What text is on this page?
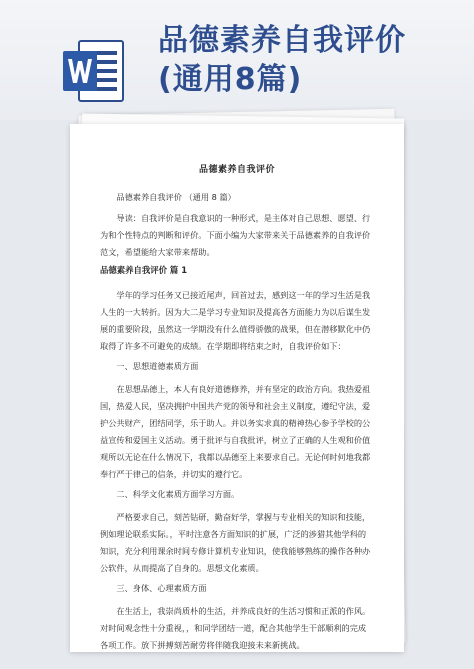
品德素养自我评价
(通用8篇)
品德素养自我评价
品德素养自我评价 （通用 8 篇）
导读：自我评价是自我意识的一种形式，是主体对自己思想、愿望、行为和个性特点的判断和评价。下面小编为大家带来关于品德素养的自我评价范文，希望能给大家带来帮助。
品德素养自我评价 篇 1
学年的学习任务又已接近尾声，回首过去，感到这一年的学习生活是我人生的一大转折。因为大二是学习专业知识及提高各方面能力为以后谋生发展的重要阶段，虽然这一学期没有什么值得骄傲的战果，但在潜移默化中仍取得了许多不可避免的成绩。在学期即将结束之时，自我评价如下：
一、思想道德素质方面
在思想品德上，本人有良好道德修养，并有坚定的政治方向。我热爱祖国，热爱人民，坚决拥护中国共产党的领导和社会主义制度，遵纪守法，爱护公共财产，团结同学，乐于助人。并以务实求真的精神热心参予学校的公益宣传和爱国主义活动。勇于批评与自我批评，树立了正确的人生观和价值观所以无论在什么情况下，我都以品德至上来要求自己。无论何时何地我都奉行严于律己的信条，并切实的遵行它。
二、科学文化素质方面学习方面。
严格要求自己，刻苦钻研，勤奋好学，掌握与专业相关的知识和技能，例如理论联系实际。，平时注意各方面知识的扩展，广泛的涉猎其他学科的知识，充分利用课余时间专修计算机专业知识，使我能够熟练的操作各种办公软件，从而提高了自身的。思想文化素质。
三、身体、心理素质方面
在生活上，我崇尚质朴的生活，并养成良好的生活习惯和正派的作风。对时间观念性十分重视，，和同学团结一道，配合其他学生干部顺利的完成各项工作。放下拼搏刻苦耐劳将伴随我迎接未来新挑战。
